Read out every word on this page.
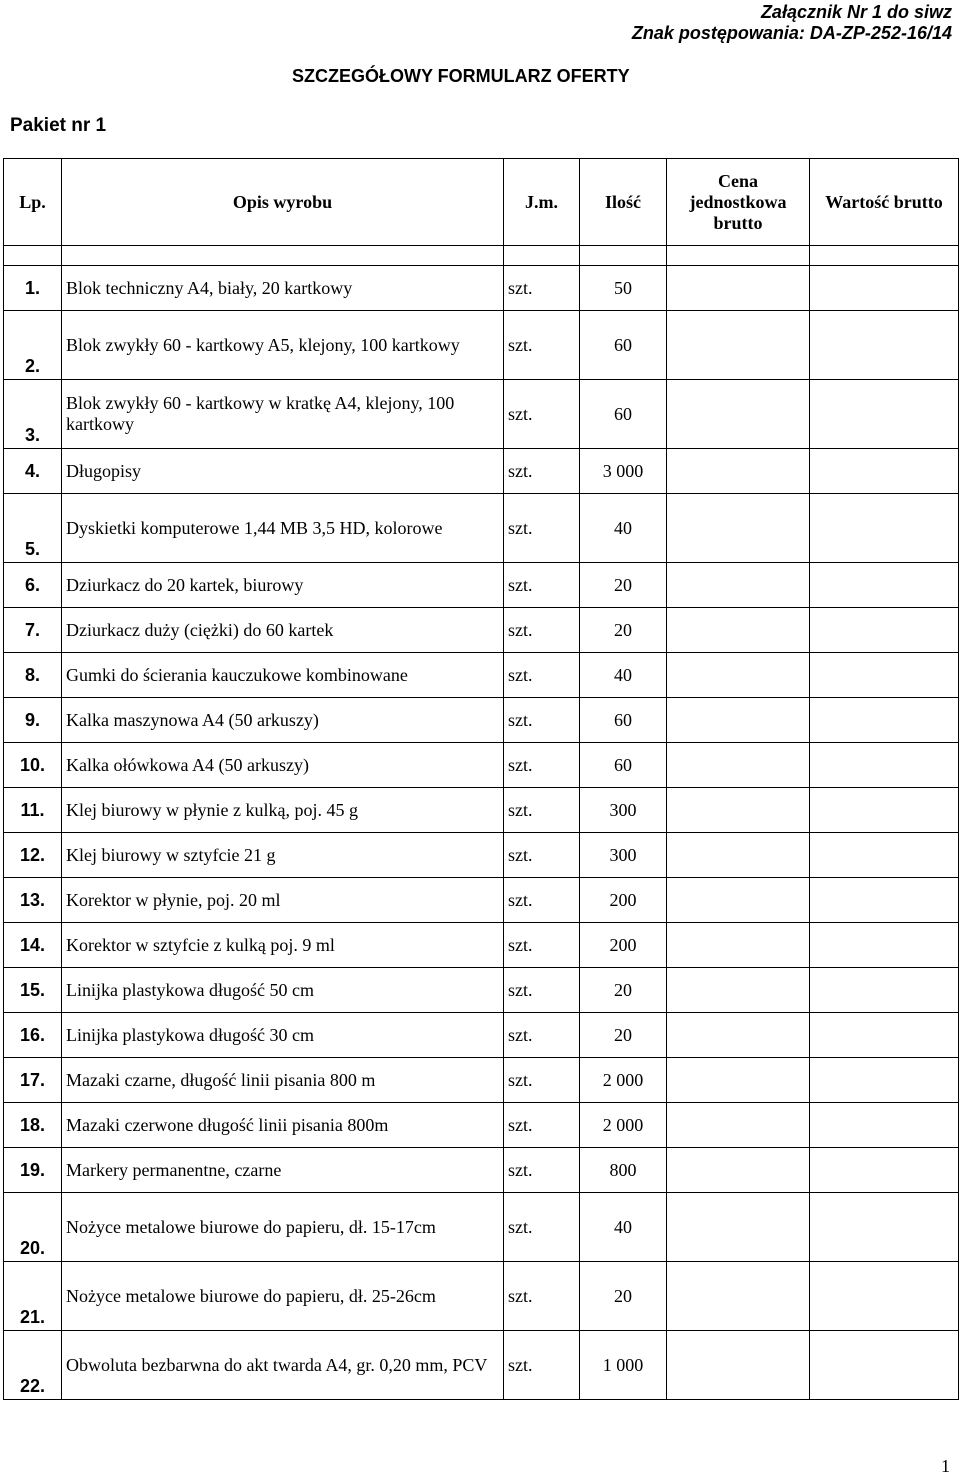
Załącznik Nr 1 do siwz
Znak postępowania: DA-ZP-252-16/14
SZCZEGÓŁOWY FORMULARZ OFERTY
Pakiet nr 1
Lp.	Opis wyrobu	J.m.	Ilość	Cena jednostkowa brutto	Wartość brutto

1.	Blok techniczny A4, biały, 20 kartkowy	szt.	50		
2.	Blok zwykły 60 - kartkowy A5, klejony, 100 kartkowy	szt.	60		
3.	Blok zwykły 60 - kartkowy w kratkę A4, klejony, 100 kartkowy	szt.	60		
4.	Długopisy	szt.	3 000		
5.	Dyskietki komputerowe 1,44 MB 3,5 HD, kolorowe	szt.	40		
6.	Dziurkacz do 20 kartek, biurowy	szt.	20		
7.	Dziurkacz duży (ciężki) do 60 kartek	szt.	20		
8.	Gumki do ścierania kauczukowe kombinowane	szt.	40		
9.	Kalka maszynowa A4 (50 arkuszy)	szt.	60		
10.	Kalka ołówkowa A4 (50 arkuszy)	szt.	60		
11.	Klej biurowy w płynie z kulką, poj. 45 g	szt.	300		
12.	Klej biurowy w sztyfcie 21 g	szt.	300		
13.	Korektor w płynie, poj. 20 ml	szt.	200		
14.	Korektor w sztyfcie z kulką poj. 9 ml	szt.	200		
15.	Linijka plastykowa długość 50 cm	szt.	20		
16.	Linijka plastykowa długość 30 cm	szt.	20		
17.	Mazaki czarne, długość linii pisania 800 m	szt.	2 000		
18.	Mazaki czerwone długość linii pisania 800m	szt.	2 000		
19.	Markery permanentne, czarne	szt.	800		
20.	Nożyce metalowe biurowe do papieru, dł. 15-17cm	szt.	40		
21.	Nożyce metalowe biurowe do papieru, dł. 25-26cm	szt.	20		
22.	Obwoluta bezbarwna do akt twarda A4, gr. 0,20 mm, PCV	szt.	1 000		
1
